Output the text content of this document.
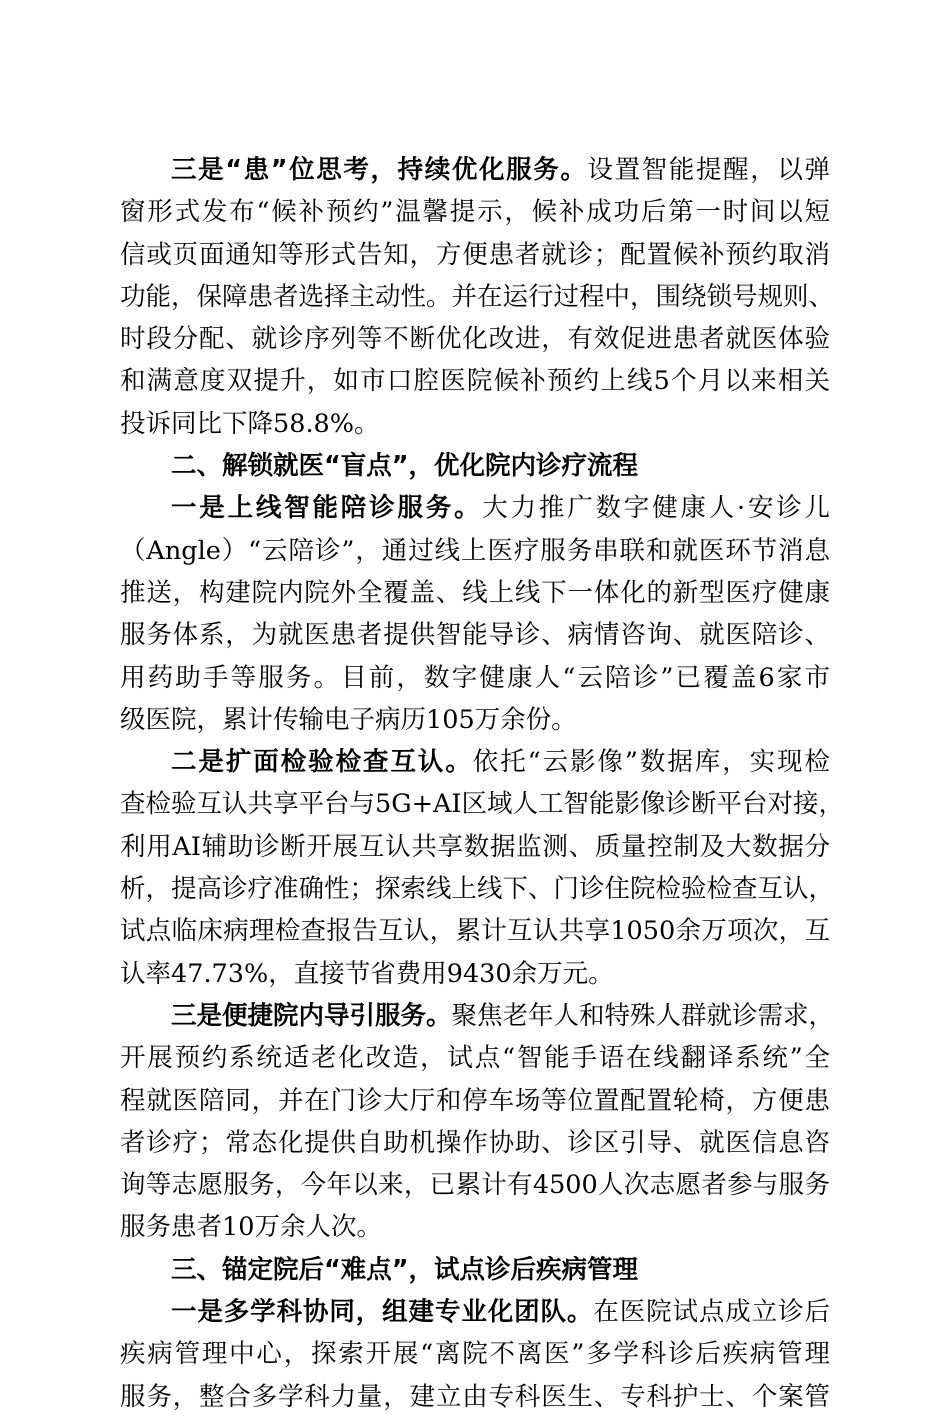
三是“患”位思考，持续优化服务。设置智能提醒，以弹
窗形式发布“候补预约”温馨提示，候补成功后第一时间以短
信或页面通知等形式告知，方便患者就诊；配置候补预约取消
功能，保障患者选择主动性。并在运行过程中，围绕锁号规则、
时段分配、就诊序列等不断优化改进，有效促进患者就医体验
和满意度双提升，如市口腔医院候补预约上线5个月以来相关
投诉同比下降58.8%。
二、解锁就医“盲点”，优化院内诊疗流程
一是上线智能陪诊服务。大力推广数字健康人·安诊儿
（Angle）“云陪诊”，通过线上医疗服务串联和就医环节消息
推送，构建院内院外全覆盖、线上线下一体化的新型医疗健康
服务体系，为就医患者提供智能导诊、病情咨询、就医陪诊、
用药助手等服务。目前，数字健康人“云陪诊”已覆盖6家市
级医院，累计传输电子病历105万余份。
二是扩面检验检查互认。依托“云影像”数据库，实现检
查检验互认共享平台与5G+AI区域人工智能影像诊断平台对接，
利用AI辅助诊断开展互认共享数据监测、质量控制及大数据分
析，提高诊疗准确性；探索线上线下、门诊住院检验检查互认，
试点临床病理检查报告互认，累计互认共享1050余万项次，互
认率47.73%，直接节省费用9430余万元。
三是便捷院内导引服务。聚焦老年人和特殊人群就诊需求，
开展预约系统适老化改造，试点“智能手语在线翻译系统”全
程就医陪同，并在门诊大厅和停车场等位置配置轮椅，方便患
者诊疗；常态化提供自助机操作协助、诊区引导、就医信息咨
询等志愿服务，今年以来，已累计有4500人次志愿者参与服务
服务患者10万余人次。
三、锚定院后“难点”，试点诊后疾病管理
一是多学科协同，组建专业化团队。在医院试点成立诊后
疾病管理中心，探索开展“离院不离医”多学科诊后疾病管理
服务，整合多学科力量，建立由专科医生、专科护士、个案管
